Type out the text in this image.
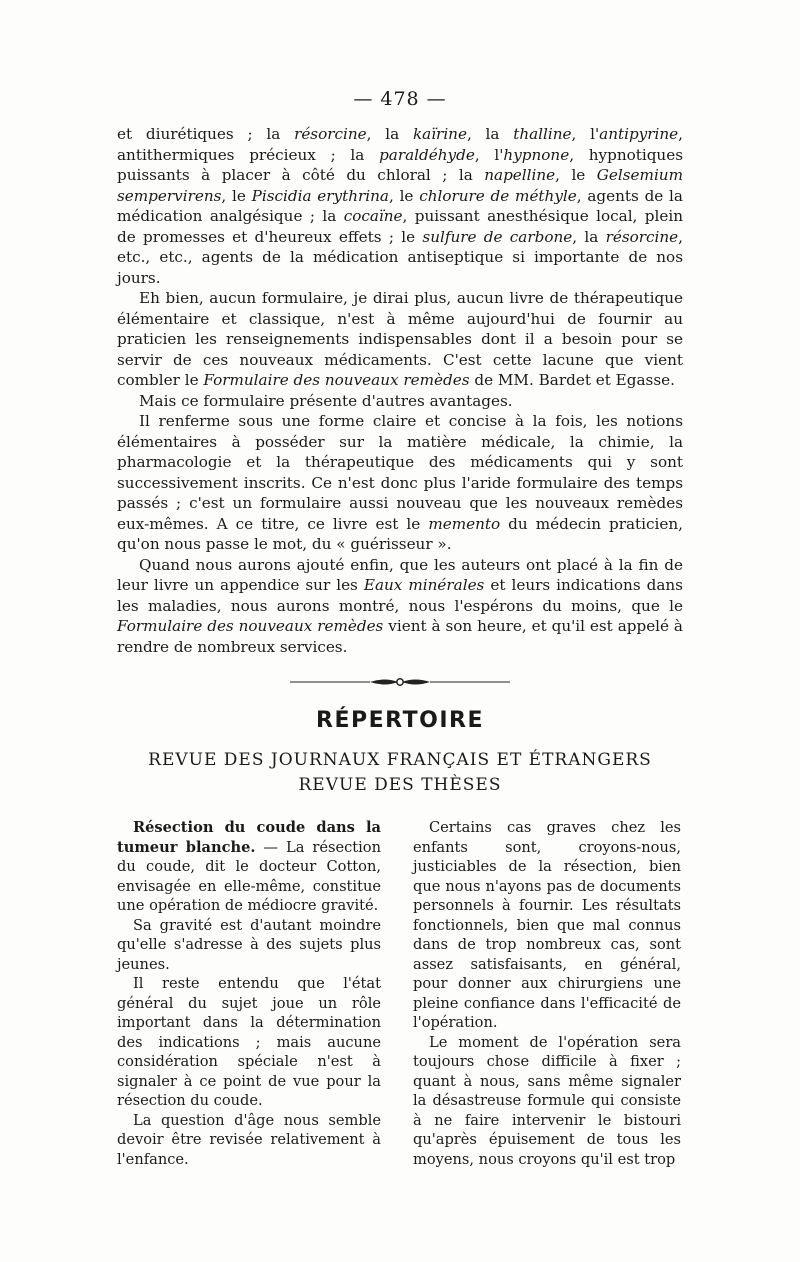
— 478 —

et diurétiques ; la résorcine, la kaïrine, la thalline, l'antipyrine, antithermiques précieux ; la paraldéhyde, l'hypnone, hypnotiques puissants à placer à côté du chloral ; la napelline, le Gelsemium sempervirens, le Piscidia erythrina, le chlorure de méthyle, agents de la médication analgésique ; la cocaïne, puissant anesthésique local, plein de promesses et d'heureux effets ; le sulfure de carbone, la résorcine, etc., etc., agents de la médication antiseptique si importante de nos jours.

Eh bien, aucun formulaire, je dirai plus, aucun livre de thérapeutique élémentaire et classique, n'est à même aujourd'hui de fournir au praticien les renseignements indispensables dont il a besoin pour se servir de ces nouveaux médicaments. C'est cette lacune que vient combler le Formulaire des nouveaux remèdes de MM. Bardet et Egasse.

Mais ce formulaire présente d'autres avantages.

Il renferme sous une forme claire et concise à la fois, les notions élémentaires à posséder sur la matière médicale, la chimie, la pharmacologie et la thérapeutique des médicaments qui y sont successivement inscrits. Ce n'est donc plus l'aride formulaire des temps passés ; c'est un formulaire aussi nouveau que les nouveaux remèdes eux-mêmes. A ce titre, ce livre est le memento du médecin praticien, qu'on nous passe le mot, du « guérisseur ».

Quand nous aurons ajouté enfin, que les auteurs ont placé à la fin de leur livre un appendice sur les Eaux minérales et leurs indications dans les maladies, nous aurons montré, nous l'espérons du moins, que le Formulaire des nouveaux remèdes vient à son heure, et qu'il est appelé à rendre de nombreux services.

RÉPERTOIRE
REVUE DES JOURNAUX FRANÇAIS ET ÉTRANGERS
REVUE DES THÈSES

Résection du coude dans la tumeur blanche. — La résection du coude, dit le docteur Cotton, envisagée en elle-même, constitue une opération de médiocre gravité.

Sa gravité est d'autant moindre qu'elle s'adresse à des sujets plus jeunes.

Il reste entendu que l'état général du sujet joue un rôle important dans la détermination des indications ; mais aucune considération spéciale n'est à signaler à ce point de vue pour la résection du coude.

La question d'âge nous semble devoir être revisée relativement à l'enfance.

Certains cas graves chez les enfants sont, croyons-nous, justiciables de la résection, bien que nous n'ayons pas de documents personnels à fournir. Les résultats fonctionnels, bien que mal connus dans de trop nombreux cas, sont assez satisfaisants, en général, pour donner aux chirurgiens une pleine confiance dans l'efficacité de l'opération.

Le moment de l'opération sera toujours chose difficile à fixer ; quant à nous, sans même signaler la désastreuse formule qui consiste à ne faire intervenir le bistouri qu'après épuisement de tous les moyens, nous croyons qu'il est trop
